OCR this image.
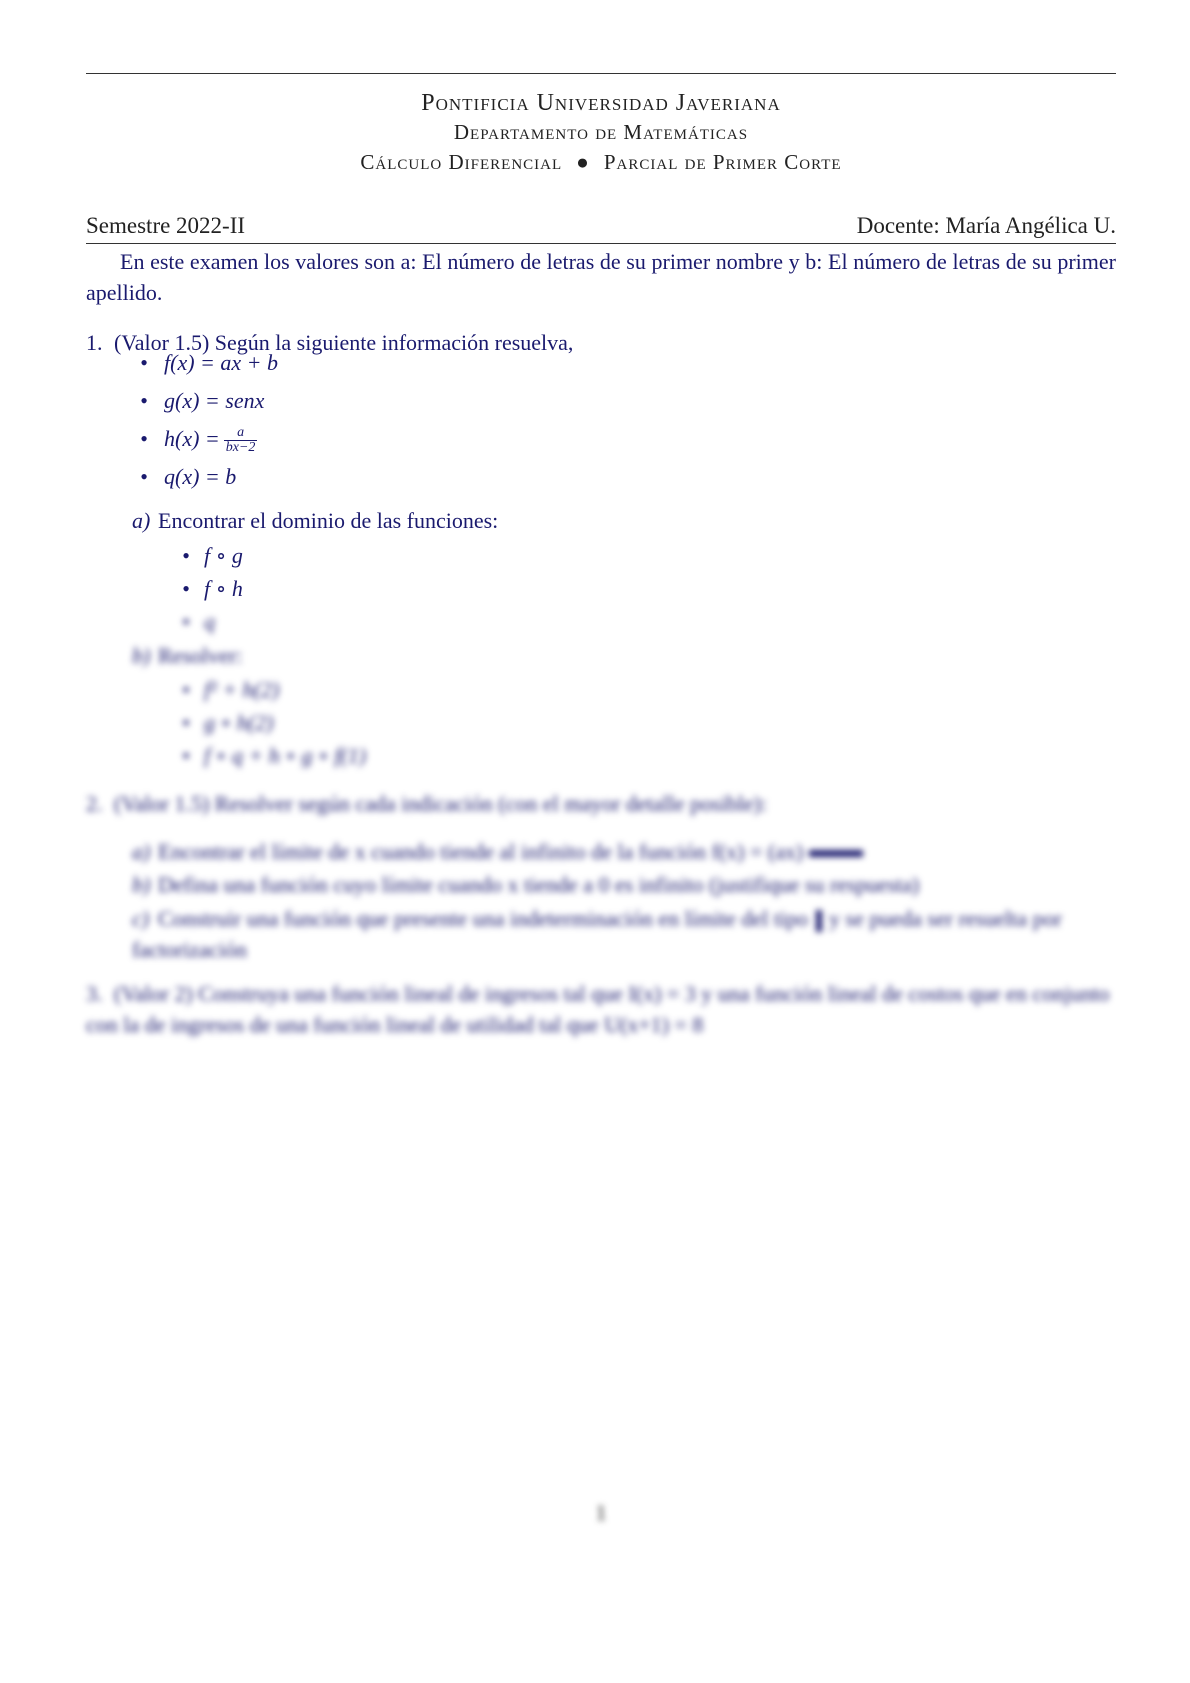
Pontificia Universidad Javeriana
Departamento de Matemáticas
Cálculo Diferencial ● Parcial de Primer Corte
Semestre 2022-II	Docente: María Angélica U.
En este examen los valores son a: El número de letras de su primer nombre y b: El número de letras de su primer apellido.
1. (Valor 1.5) Según la siguiente información resuelva,
• f(x) = ax + b
• g(x) = senx
• $h(x) = \frac{a}{bx-2}$
• q(x) = b
a) Encontrar el dominio de las funciones:
• f ∘ g
• f ∘ h
• q
b) Resolver:
• f² + h(2)
• g ∘ h(2)
• f ∘ q + h ∘ g ∘ f(1)
2. (Valor 1.5) Resolver según cada indicación (con el mayor detalle posible):
a) Encontrar el límite de x cuando tiende al infinito de la función f(x) = (ax)
b) Defina una función cuyo límite cuando x tiende a 0 es infinito (justifique su respuesta)
c) Construir una función que presente una indeterminación en límite del tipo y se pueda ser resuelta por factorización
3. (Valor 2) Construya una función lineal de ingresos tal que I(x) = 3 y una función lineal de costos que en conjunto con la de ingresos de una función lineal de utilidad tal que U(x+1) = 8
1
